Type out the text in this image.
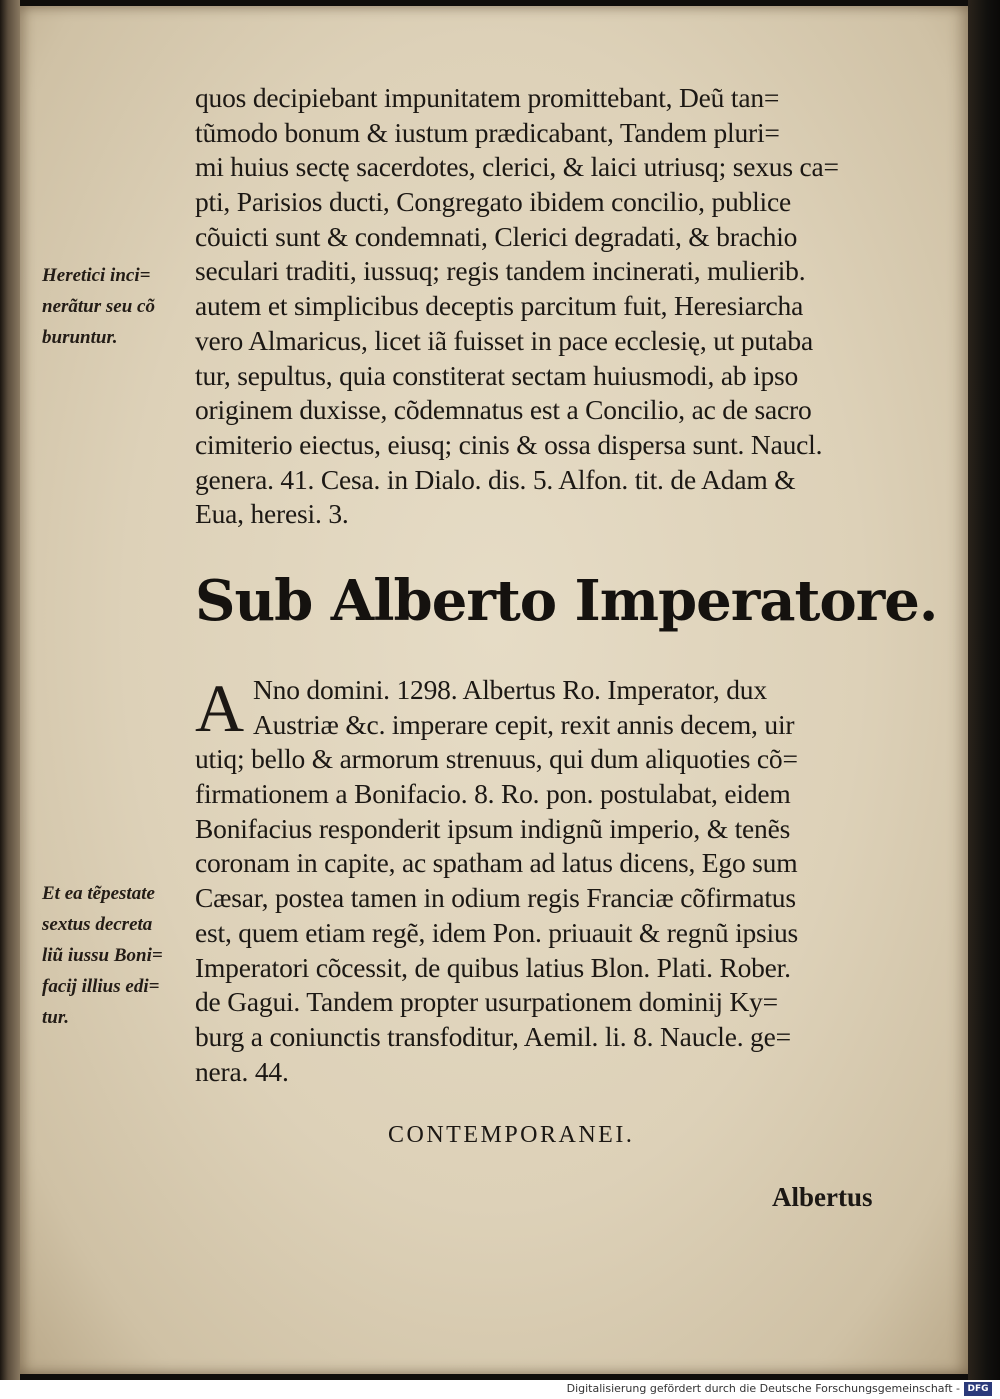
quos decipiebant impunitatem promittebant, Deũ tan=
tũmodo bonum & iustum prædicabant, Tandem pluri=
mi huius sectę sacerdotes, clerici, & laici utriusq; sexus ca=
pti, Parisios ducti, Congregato ibidem concilio, publice
cõuicti sunt & condemnati, Clerici degradati, & brachio
seculari traditi, iussuq; regis tandem incinerati, mulierib.
autem et simplicibus deceptis parcitum fuit, Heresiarcha
vero Almaricus, licet iã fuisset in pace ecclesię, ut putaba
tur, sepultus, quia constiterat sectam huiusmodi, ab ipso
originem duxisse, cõdemnatus est a Concilio, ac de sacro
cimiterio eiectus, eiusq; cinis & ossa dispersa sunt. Naucl.
genera. 41. Cesa. in Dialo. dis. 5. Alfon. tit. de Adam &
Eua, heresi. 3.
Heretici inci=
nerãtur seu cõ
buruntur.
Sub Alberto Imperatore.
A Nno domini. 1298. Albertus Ro. Imperator, dux
Austriæ &c. imperare cepit, rexit annis decem, uir
utiq; bello & armorum strenuus, qui dum aliquoties cõ=
firmationem a Bonifacio. 8. Ro. pon. postulabat, eidem
Bonifacius responderit ipsum indignũ imperio, & tenẽs
coronam in capite, ac spatham ad latus dicens, Ego sum
Cæsar, postea tamen in odium regis Franciæ cõfirmatus
est, quem etiam regẽ, idem Pon. priuauit & regnũ ipsius
Imperatori cõcessit, de quibus latius Blon. Plati. Rober.
de Gagui. Tandem propter usurpationem dominij Ky=
burg a coniunctis transfoditur, Aemil. li. 8. Naucle. ge=
nera. 44.
Et ea tẽpestate
sextus decreta
liũ iussu Boni=
facij illius edi=
tur.
CONTEMPORANEI.
Albertus
Digitalisierung gefördert durch die Deutsche Forschungsgemeinschaft - DFG
